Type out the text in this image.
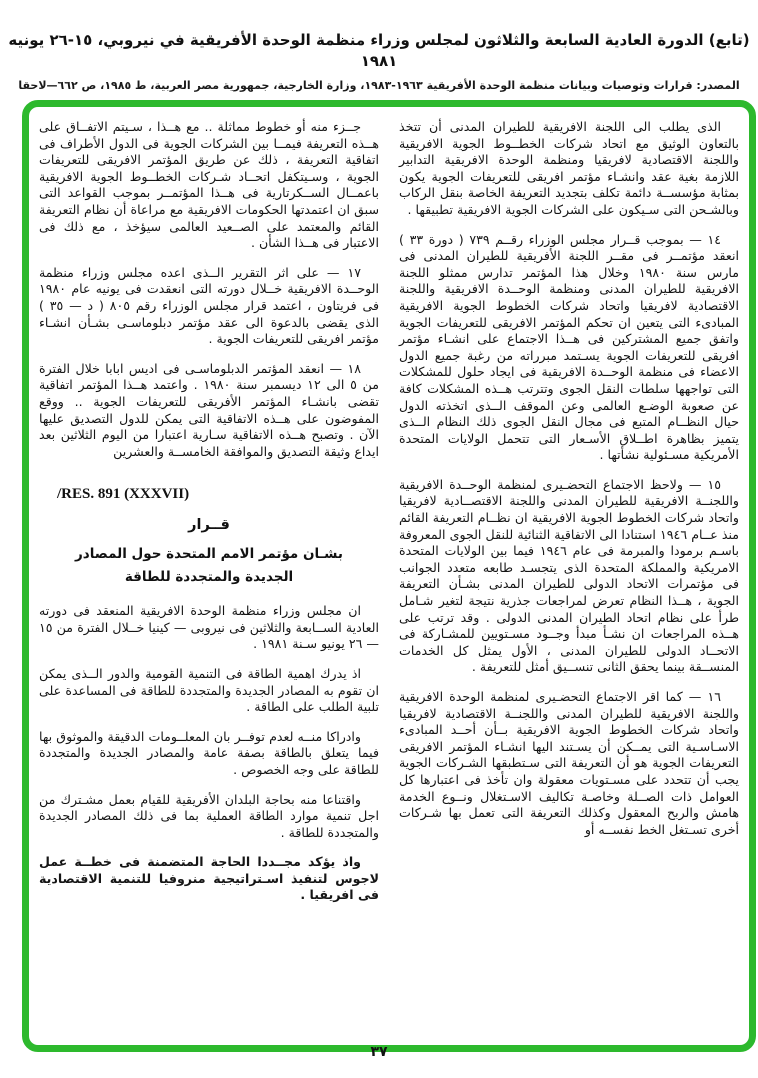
(تابع) الدورة العادية السابعة والثلاثون لمجلس وزراء منظمة الوحدة الأفريقية في نيروبي، ١٥-٢٦ يونيه ١٩٨١
المصدر: قرارات وتوصيات وبيانات منظمة الوحدة الأفريقية ١٩٦٣-١٩٨٣، وزارة الخارجية، جمهورية مصر العربية، ط ١٩٨٥، ص ٦٦٢—لاحقا

الذى يطلب الى اللجنة الافريقية للطيران المدنى أن تتخذ بالتعاون الوثيق مع اتحاد شركات الخطــوط الجوية الافريقية واللجنة الاقتصادية لافريقيا ومنظمة الوحدة الافريقية التدابير اللازمة بغية عقد وانشـاء مؤتمر افريقى للتعريفات الجوية يكون بمثابة مؤسســة دائمة تكلف بتجديد التعريفة الخاصة بنقل الركاب وبالشـحن التى سـيكون على الشركات الجوية الافريقية تطبيقها .

١٤ — بموجب قــرار مجلس الوزراء رقــم ٧٣٩ ( دورة ٣٣ ) انعقد مؤتمــر فى مقــر اللجنة الأفريقية للطيران المدنى فى مارس سنة ١٩٨٠ وخلال هذا المؤتمر تدارس ممثلو اللجنة الافريقية للطيران المدنى ومنظمة الوحــدة الافريقية واللجنة الاقتصادية لافريقيا واتحاد شركات الخطوط الجوية الافريقية المبادىء التى يتعين ان تحكم المؤتمر الافريقى للتعريفات الجوية واتفق جميع المشتركين فى هــذا الاجتماع على انشـاء مؤتمر افريقى للتعريفات الجوية يسـتمد مبرراته من رغبة جميع الدول الاعضاء فى منظمة الوحــدة الافريقية فى ايجاد حلول للمشكلات التى تواجهها سلطات النقل الجوى وتترتب هــذه المشكلات كافة عن صعوبة الوضـع العالمى وعن الموقف الــذى اتخذته الدول حيال النظــام المتبع فى مجال النقل الجوى ذلك النظام الــذى يتميز بظاهرة اطــلاق الأسـعار التى تتحمل الولايات المتحدة الأمريكية مسـئولية نشأتها .

١٥ — ولاحظ الاجتماع التحضـيرى لمنظمة الوحــدة الافريقية واللجنــة الافريقية للطيران المدنى واللجنة الاقتصــادية لافريقيا واتحاد شركات الخطوط الجوية الافريقية ان نظــام التعريفة القائم منذ عــام ١٩٤٦ استنادا الى الاتفاقية الثنائية للنقل الجوى المعروفة باسـم برمودا والمبرمة فى عام ١٩٤٦ فيما بين الولايات المتحدة الامريكية والمملكة المتحدة الذى يتجسـد طابعه متعدد الجوانب فى مؤتمرات الاتحاد الدولى للطيران المدنى بشـأن التعريفة الجوية ، هــذا النظام تعرض لمراجعات جذرية نتيجة لتغير شـامل طرأ على نظام اتحاد الطيران المدنى الدولى . وقد ترتب على هــذه المراجعات ان نشـأ مبدأ وجــود مسـتويين للمشـاركة فى الاتحــاد الدولى للطيران المدنى ، الأول يمثل كل الخدمات المنســقة بينما يحقق الثانى تنســيق أمثل للتعريفة .

١٦ — كما اقر الاجتماع التحضـيرى لمنظمة الوحدة الافريقية واللجنة الافريقية للطيران المدنى واللجنــة الاقتصادية لافريقيا واتحاد شركات الخطوط الجوية الافريقية بــأن أحــد المبادىء الاسـاسـية التى يمــكن أن يسـتند اليها انشـاء المؤتمر الافريقى التعريفات الجوية هو أن التعريفة التى سـتطبقها الشـركات الجوية يجب أن تتحدد على مسـتويات معقولة وان تأخذ فى اعتبارها كل العوامل ذات الصــلة وخاصـة تكاليف الاسـتغلال ونــوع الخدمة هامش والربح المعقول وكذلك التعريفة التى تعمل بها شـركات أخرى تسـتغل الخط نفســه أو

جــزء منه أو خطوط مماثلة .. مع هــذا ، سـيتم الاتفــاق على هــذه التعريفة فيمــا بين الشركات الجوية فى الدول الأطراف فى اتفاقية التعريفة ، ذلك عن طريق المؤتمر الافريقى للتعريفات الجوية ، وسـيتكفل اتحــاد شـركات الخطــوط الجوية الافريقية باعمــال الســكرتارية فى هــذا المؤتمــر بموجب القواعد التى سبق ان اعتمدتها الحكومات الافريقية مع مراعاة أن نظام التعريفة القائم والمعتمد على الصــعيد العالمى سيؤخذ ، مع ذلك فى الاعتبار فى هــذا الشأن .

١٧ — على اثر التقرير الــذى اعده مجلس وزراء منظمة الوحــدة الافريقية خــلال دورته التى انعقدت فى يونيه عام ١٩٨٠ فى فريتاون ، اعتمد قرار مجلس الوزراء رقم ٨٠٥ ( د — ٣٥ ) الذى يقضى بالدعوة الى عقد مؤتمر دبلوماسـى بشـأن انشـاء مؤتمر افريقى للتعريفات الجوية .

١٨ — انعقد المؤتمر الدبلوماسـى فى اديس ابابا خلال الفترة من ٥ الى ١٢ ديسمبر سنة ١٩٨٠ . واعتمد هــذا المؤتمر اتفاقية تقضى بانشـاء المؤتمر الأفريقى للتعريفات الجوية .. ووقع المفوضون على هــذه الاتفاقية التى يمكن للدول التصديق عليها الآن . وتصبح هــذه الاتفاقية سـارية اعتبارا من اليوم الثلاثين بعد ايداع وثيقة التصديق والموافقة الخامســة والعشرين

/RES. 891 (XXXVII)
قــرار
بشـان مؤتمر الامم المتحدة حول المصادر
الجديدة والمتجددة للطاقة

ان مجلس وزراء منظمة الوحدة الافريقية المنعقد فى دورته العادية الســابعة والثلاثين فى نيروبى — كينيا خــلال الفترة من ١٥ — ٢٦ يونيو سـنة ١٩٨١ .

اذ يدرك اهمية الطاقة فى التنمية القومية والدور الــذى يمكن ان تقوم به المصادر الجديدة والمتجددة للطاقة فى المساعدة على تلبية الطلب على الطاقة .

وادراكا منــه لعدم توفــر بان المعلــومات الدقيقة والموثوق بها فيما يتعلق بالطاقة بصفة عامة والمصادر الجديدة والمتجددة للطاقة على وجه الخصوص .

واقتناعا منه بحاجة البلدان الأفريقية للقيام بعمل مشـترك من اجل تنمية موارد الطاقة العملية بما فى ذلك المصادر الجديدة والمتجددة للطاقة .

واذ يؤكد مجــددا الحاجة المتضمنة فى خطــة عمل لاجوس لتنفيذ اسـتراتيجية منروفيا للتنمية الاقتصادية فى افريقيا .

٣٧
